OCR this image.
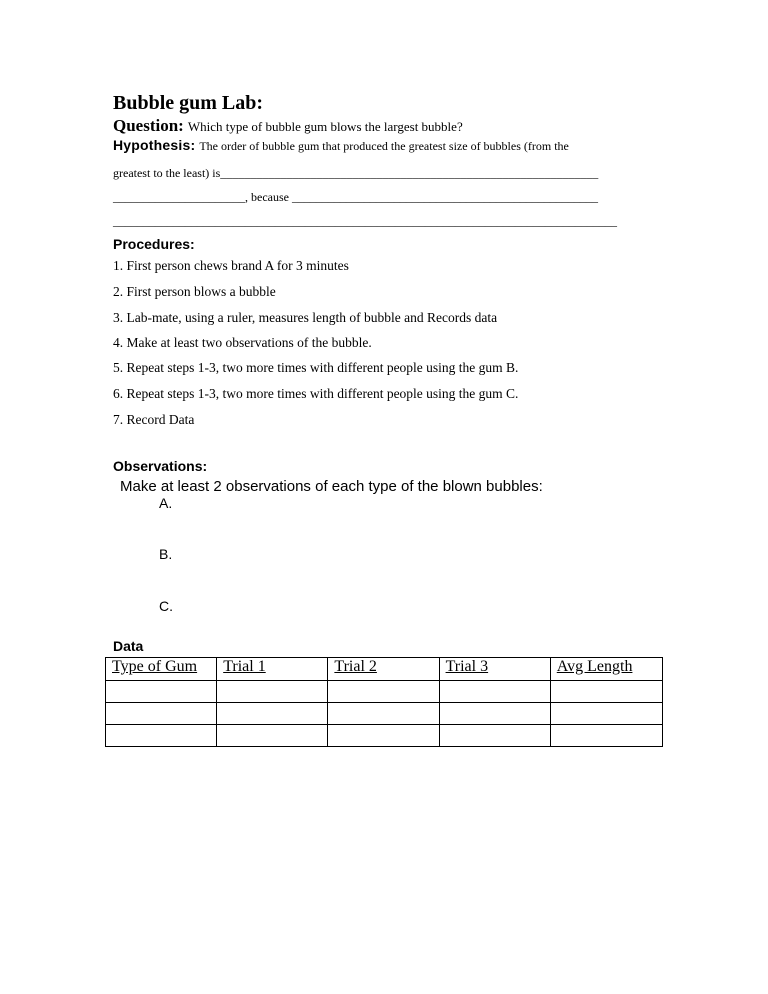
Bubble gum Lab:
Question: Which type of bubble gum blows the largest bubble?
Hypothesis: The order of bubble gum that produced the greatest size of bubbles (from the
greatest to the least) is_______________________________________________________________
______________________, because ___________________________________________________
____________________________________________________________________________________
Procedures:
1. First person chews brand A for 3 minutes
2. First person blows a bubble
3. Lab-mate, using a ruler, measures length of bubble and Records data
4. Make at least two observations of the bubble.
5. Repeat steps 1-3, two more times with different people using the gum B.
6. Repeat steps 1-3, two more times with different people using the gum C.
7. Record Data
Observations:
Make at least 2 observations of each type of the blown bubbles:
A.
B.
C.
Data
Type of Gum	Trial 1	Trial 2	Trial 3	Avg Length
